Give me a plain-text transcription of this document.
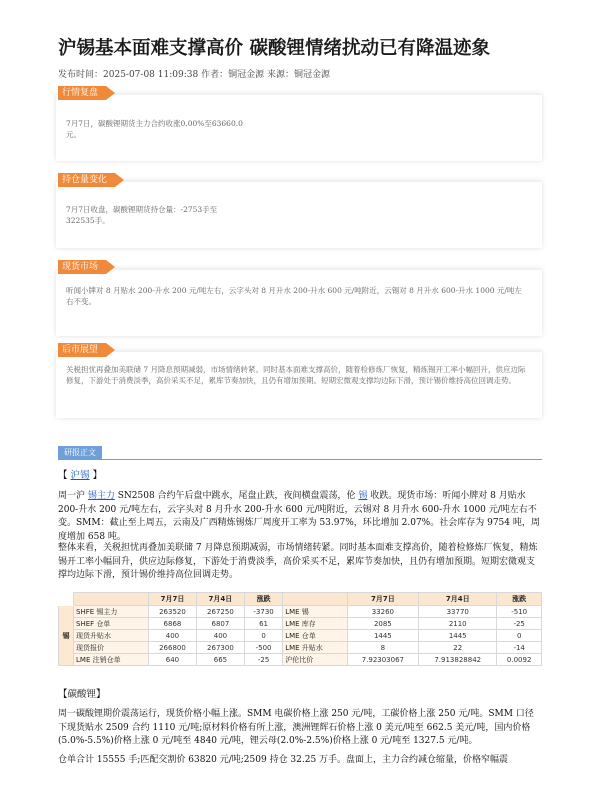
沪锡基本面难支撑高价 碳酸锂情绪扰动已有降温迹象
发布时间：2025-07-08 11:09:38 作者：铜冠金源 来源：铜冠金源
行情复盘
7月7日，碳酸锂期货主力合约收涨0.00%至63660.0元。
持仓量变化
7月7日收盘，碳酸锂期货持仓量：-2753手至322535手。
现货市场
听闻小牌对 8 月贴水 200-升水 200 元/吨左右，云字头对 8 月升水 200-升水 600 元/吨附近，云锡对 8 月升水 600-升水 1000 元/吨左右不变。
后市展望
关税担忧再叠加美联储 7 月降息预期减弱，市场情绪转紧。同时基本面难支撑高价，随着检修炼厂恢复，精炼锡开工率小幅回升，供应边际修复，下游处于消费淡季，高价采买不足，累库节奏加快，且仍有增加预期。短期宏微观支撑均边际下滑，预计锡价维持高位回调走势。
研报正文
【 沪锡 】

周一沪 锡主力 SN2508 合约午后盘中跳水，尾盘止跌，夜间横盘震荡，伦 锡 收跌。现货市场：听闻小牌对 8 月贴水 200-升水 200 元/吨左右，云字头对 8 月升水 200-升水 600 元/吨附近，云锡对 8 月升水 600-升水 1000 元/吨左右不变。SMM：截止至上周五，云南及广西精炼锡炼厂周度开工率为 53.97%，环比增加 2.07%。社会库存为 9754 吨，周度增加 658 吨。

整体来看，关税担忧再叠加美联储 7 月降息预期减弱，市场情绪转紧。同时基本面难支撑高价，随着检修炼厂恢复，精炼锡开工率小幅回升，供应边际修复，下游处于消费淡季，高价采买不足，累库节奏加快，且仍有增加预期。短期宏微观支撑均边际下滑，预计锡价维持高位回调走势。

		7月7日	7月4日	涨跌		7月7日	7月4日	涨跌
锡	SHFE 锡主力	263520	267250	-3730	LME 锡	33260	33770	-510
	SHEF 仓单	6868	6807	61	LME 库存	2085	2110	-25
	现货升贴水	400	400	0	LME 仓单	1445	1445	0
	现货报价	266800	267300	-500	LME 升贴水	8	22	-14
	LME 注销仓单	640	665	-25	沪伦比价	7.92303067	7.913828842	0.0092
【碳酸锂】

周一碳酸锂期价震荡运行，现货价格小幅上涨。SMM 电碳价格上涨 250 元/吨，工碳价格上涨 250 元/吨。SMM 口径下现货贴水 2509 合约 1110 元/吨;原材料价格有所上涨，澳洲锂辉石价格上涨 0 美元/吨至 662.5 美元/吨，国内价格(5.0%-5.5%)价格上涨 0 元/吨至 4840 元/吨，锂云母(2.0%-2.5%)价格上涨 0 元/吨至 1327.5 元/吨。

仓单合计 15555 手;匹配交割价 63820 元/吨;2509 持仓 32.25 万手。盘面上，主力合约减仓缩量，价格窄幅震
